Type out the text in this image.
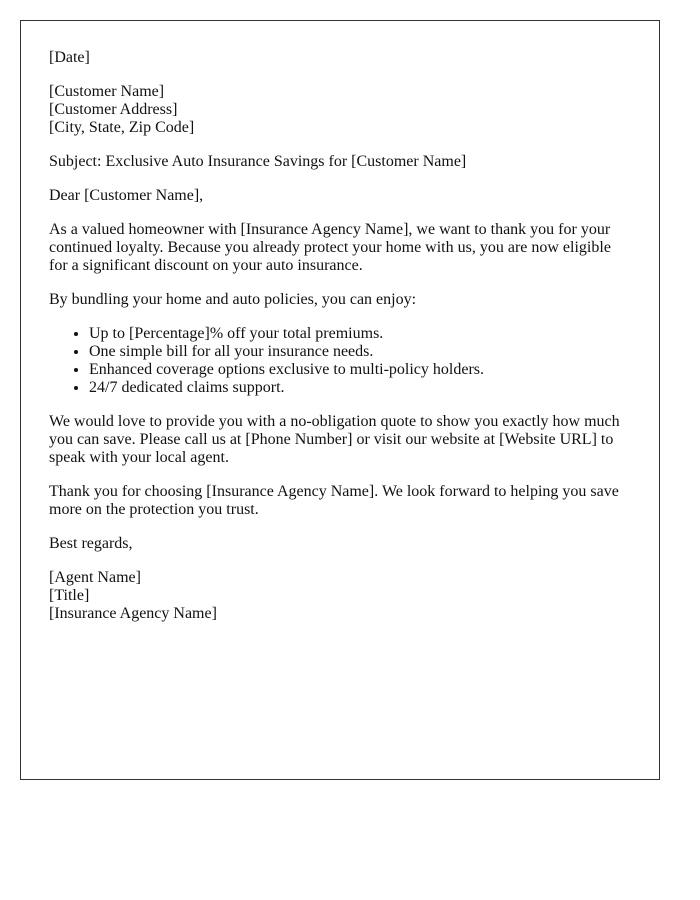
[Date]

[Customer Name]
[Customer Address]
[City, State, Zip Code]

Subject: Exclusive Auto Insurance Savings for [Customer Name]

Dear [Customer Name],

As a valued homeowner with [Insurance Agency Name], we want to thank you for your continued loyalty. Because you already protect your home with us, you are now eligible for a significant discount on your auto insurance.

By bundling your home and auto policies, you can enjoy:

• Up to [Percentage]% off your total premiums.
• One simple bill for all your insurance needs.
• Enhanced coverage options exclusive to multi-policy holders.
• 24/7 dedicated claims support.

We would love to provide you with a no-obligation quote to show you exactly how much you can save. Please call us at [Phone Number] or visit our website at [Website URL] to speak with your local agent.

Thank you for choosing [Insurance Agency Name]. We look forward to helping you save more on the protection you trust.

Best regards,

[Agent Name]
[Title]
[Insurance Agency Name]
